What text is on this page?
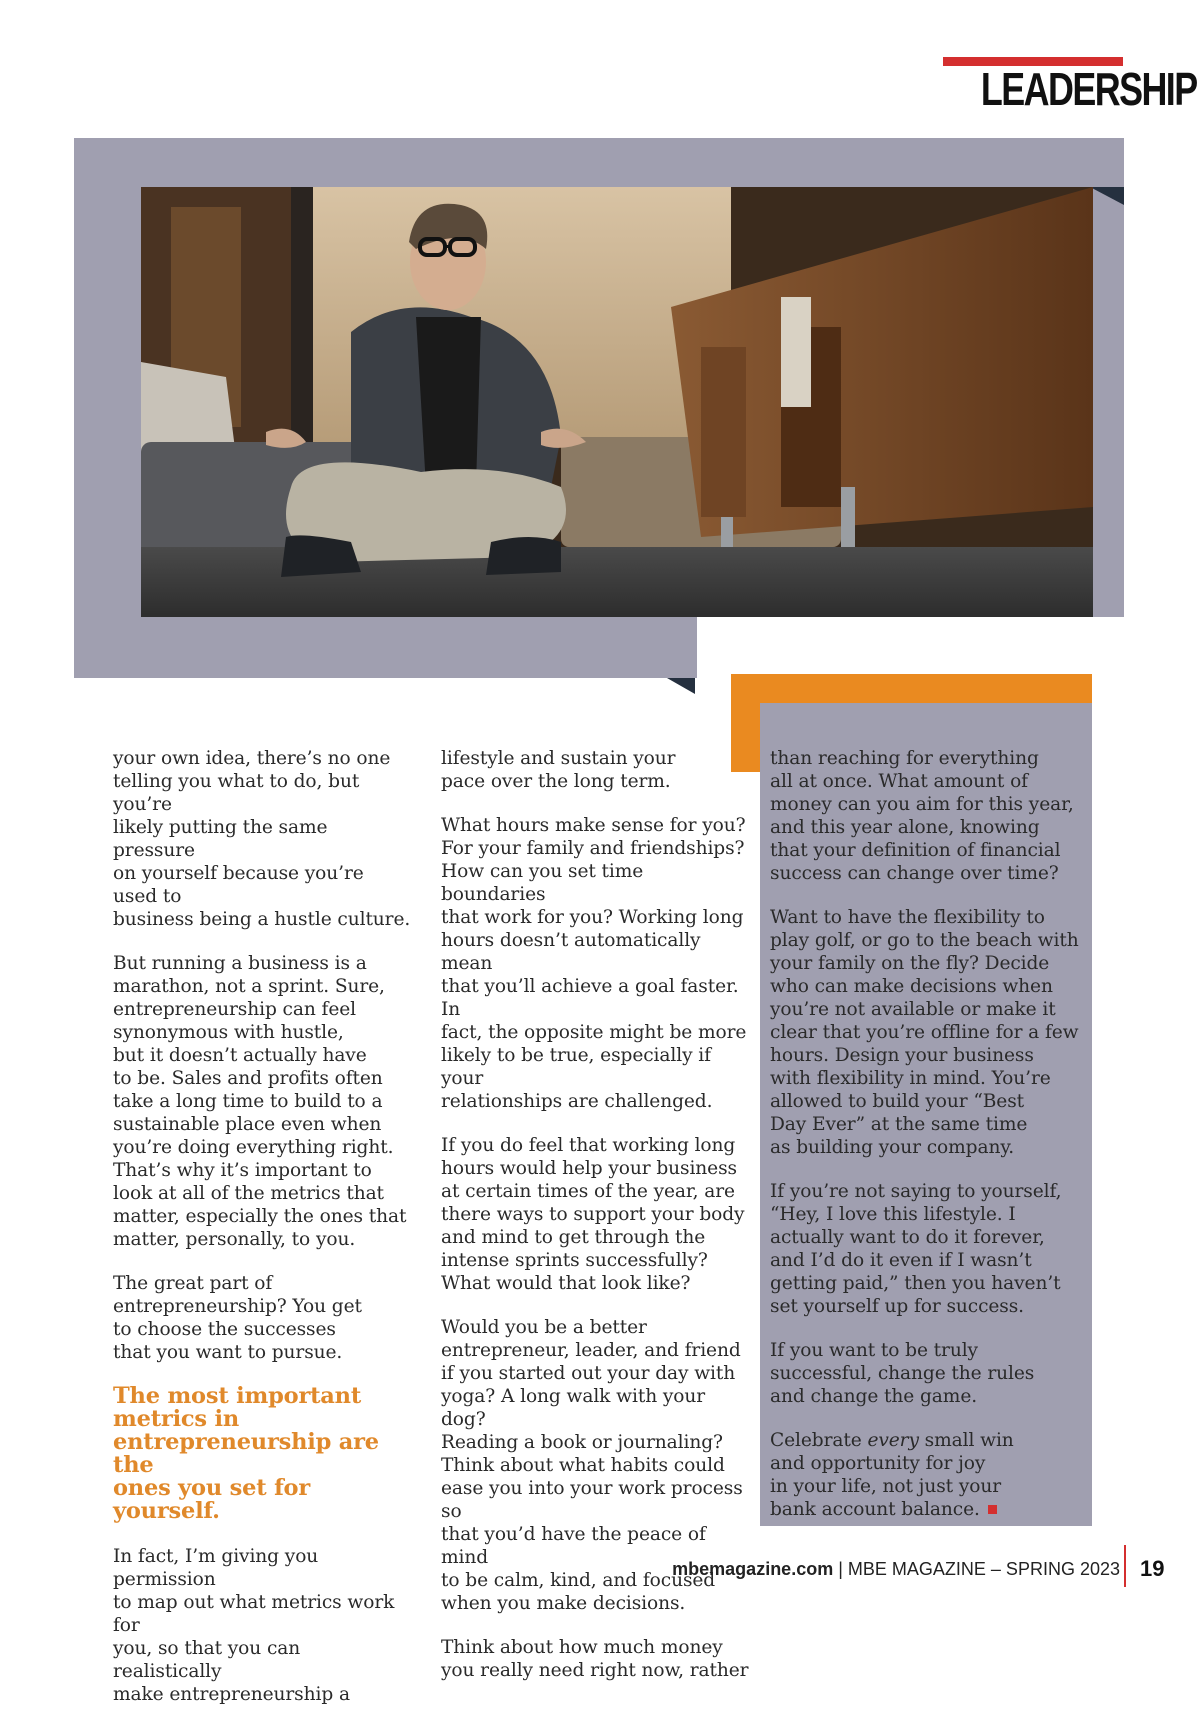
LEADERSHIP

your own idea, there’s no one
telling you what to do, but you’re
likely putting the same pressure
on yourself because you’re used to
business being a hustle culture.

But running a business is a
marathon, not a sprint. Sure,
entrepreneurship can feel
synonymous with hustle,
but it doesn’t actually have
to be. Sales and profits often
take a long time to build to a
sustainable place even when
you’re doing everything right.
That’s why it’s important to
look at all of the metrics that
matter, especially the ones that
matter, personally, to you.

The great part of
entrepreneurship? You get
to choose the successes
that you want to pursue.

The most important
metrics in
entrepreneurship are the
ones you set for yourself.

In fact, I’m giving you permission
to map out what metrics work for
you, so that you can realistically
make entrepreneurship a

lifestyle and sustain your
pace over the long term.

What hours make sense for you?
For your family and friendships?
How can you set time boundaries
that work for you? Working long
hours doesn’t automatically mean
that you’ll achieve a goal faster. In
fact, the opposite might be more
likely to be true, especially if your
relationships are challenged.

If you do feel that working long
hours would help your business
at certain times of the year, are
there ways to support your body
and mind to get through the
intense sprints successfully?
What would that look like?

Would you be a better
entrepreneur, leader, and friend
if you started out your day with
yoga? A long walk with your dog?
Reading a book or journaling?
Think about what habits could
ease you into your work process so
that you’d have the peace of mind
to be calm, kind, and focused
when you make decisions.

Think about how much money
you really need right now, rather

than reaching for everything
all at once. What amount of
money can you aim for this year,
and this year alone, knowing
that your definition of financial
success can change over time?

Want to have the flexibility to
play golf, or go to the beach with
your family on the fly? Decide
who can make decisions when
you’re not available or make it
clear that you’re offline for a few
hours. Design your business
with flexibility in mind. You’re
allowed to build your “Best
Day Ever” at the same time
as building your company.

If you’re not saying to yourself,
“Hey, I love this lifestyle. I
actually want to do it forever,
and I’d do it even if I wasn’t
getting paid,” then you haven’t
set yourself up for success.

If you want to be truly
successful, change the rules
and change the game.

Celebrate every small win
and opportunity for joy
in your life, not just your
bank account balance.

mbemagazine.com | MBE MAGAZINE – SPRING 2023 19
